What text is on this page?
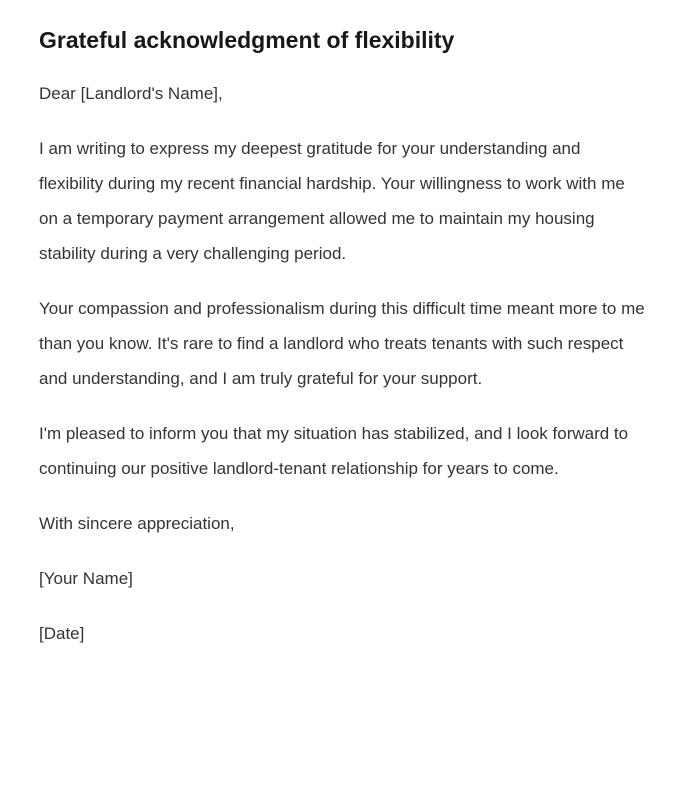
Grateful acknowledgment of flexibility

Dear [Landlord's Name],

I am writing to express my deepest gratitude for your understanding and flexibility during my recent financial hardship. Your willingness to work with me on a temporary payment arrangement allowed me to maintain my housing stability during a very challenging period.

Your compassion and professionalism during this difficult time meant more to me than you know. It's rare to find a landlord who treats tenants with such respect and understanding, and I am truly grateful for your support.

I'm pleased to inform you that my situation has stabilized, and I look forward to continuing our positive landlord-tenant relationship for years to come.

With sincere appreciation,

[Your Name]

[Date]
